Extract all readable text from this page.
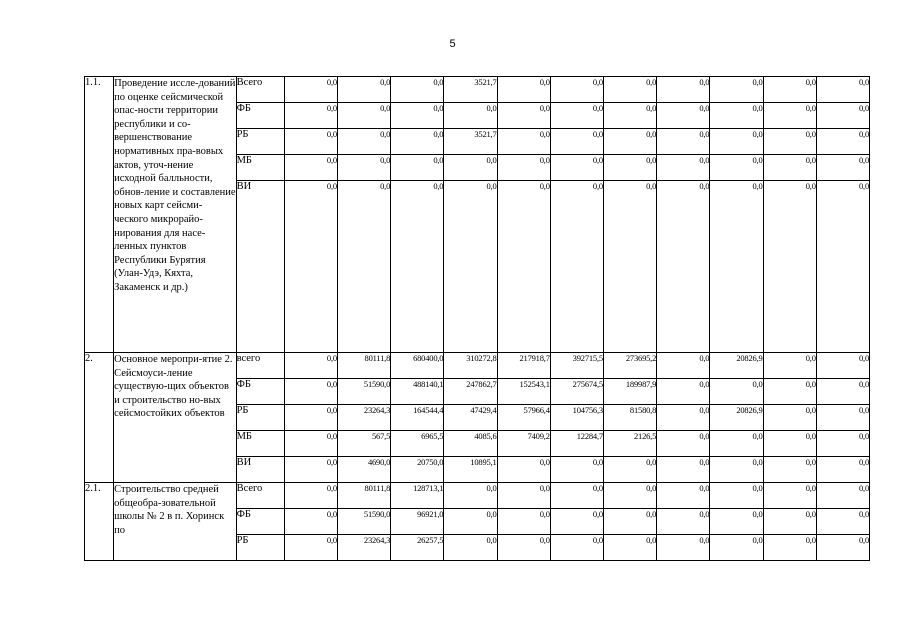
5
1.1.	Проведение иссле-дований по оценке сейсмической опас-ности территории республики и со-вершенствование нормативных пра-вовых актов, уточ-нение исходной балльности, обнов-ление и составление новых карт сейсми-ческого микрорайо-нирования для насе-ленных пунктов Республики Бурятия (Улан-Удэ, Кяхта, Закаменск и др.)	Всего	0,0	0,0	0,0	3521,7	0,0	0,0	0,0	0,0	0,0	0,0	0,0
		ФБ	0,0	0,0	0,0	0,0	0,0	0,0	0,0	0,0	0,0	0,0	0,0
		РБ	0,0	0,0	0,0	3521,7	0,0	0,0	0,0	0,0	0,0	0,0	0,0
		МБ	0,0	0,0	0,0	0,0	0,0	0,0	0,0	0,0	0,0	0,0	0,0
		ВИ	0,0	0,0	0,0	0,0	0,0	0,0	0,0	0,0	0,0	0,0	0,0
2.	Основное меропри-ятие 2. Сейсмоуси-ление существую-щих объектов и строительство но-вых сейсмостойких объектов	всего	0,0	80111,8	680400,0	310272,8	217918,7	392715,5	273695,2	0,0	20826,9	0,0	0,0
		ФБ	0,0	51590,0	488140,1	247862,7	152543,1	275674,5	189987,9	0,0	0,0	0,0	0,0
		РБ	0,0	23264,3	164544,4	47429,4	57966,4	104756,3	81580,8	0,0	20826,9	0,0	0,0
		МБ	0,0	567,5	6965,5	4085,6	7409,2	12284,7	2126,5	0,0	0,0	0,0	0,0
		ВИ	0,0	4690,0	20750,0	10895,1	0,0	0,0	0,0	0,0	0,0	0,0	0,0
2.1.	Строительство средней общеобра-зовательной школы № 2 в п. Хоринск по	Всего	0,0	80111,8	128713,1	0,0	0,0	0,0	0,0	0,0	0,0	0,0	0,0
		ФБ	0,0	51590,0	96921,0	0,0	0,0	0,0	0,0	0,0	0,0	0,0	0,0
		РБ	0,0	23264,3	26257,5	0,0	0,0	0,0	0,0	0,0	0,0	0,0	0,0
